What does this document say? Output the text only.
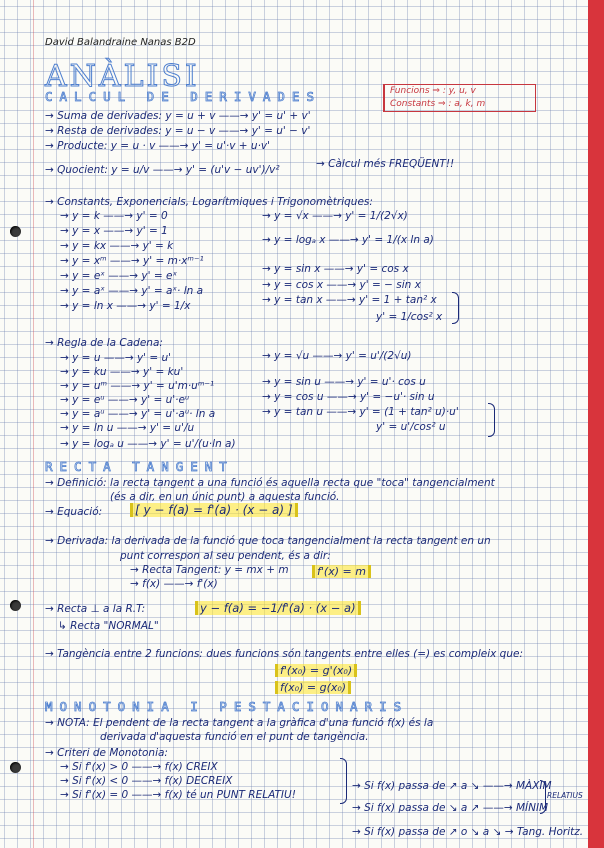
David Balandraine Nanas B2D
ANÀLISI
CALCUL DE DERIVADES	Funcions ⇒ : y, u, v
Constants ⇒ : a, k, m
→ Suma de derivades: y = u + v ——→ y' = u' + v'
→ Resta de derivades: y = u − v ——→ y' = u' − v'
→ Producte: y = u · v ——→ y' = u'·v + u·v'
→ Quocient: y = u/v ——→ y' = (u'v − uv')/v²	→ Càlcul més FREQÜENT!!
→ Constants, Exponencials, Logarítmiques i Trigonomètriques:
→ y = k ——→ y' = 0
→ y = x ——→ y' = 1
→ y = kx ——→ y' = k
→ y = xᵐ ——→ y' = m·xᵐ⁻¹
→ y = eˣ ——→ y' = eˣ
→ y = aˣ ——→ y' = aˣ· ln a
→ y = ln x ——→ y' = 1/x
→ y = √x ——→ y' = 1/(2√x)
→ y = logₐ x ——→ y' = 1/(x ln a)
→ y = sin x ——→ y' = cos x
→ y = cos x ——→ y' = − sin x
→ y = tan x ——→ y' = 1 + tan² x
y' = 1/cos² x
→ Regla de la Cadena:
→ y = u ——→ y' = u'
→ y = ku ——→ y' = ku'
→ y = uᵐ ——→ y' = u'm·uᵐ⁻¹
→ y = eᵘ ——→ y' = u'·eᵘ
→ y = aᵘ ——→ y' = u'·aᵘ· ln a
→ y = ln u ——→ y' = u'/u
→ y = logₐ u ——→ y' = u'/(u·ln a)
→ y = √u ——→ y' = u'/(2√u)
→ y = sin u ——→ y' = u'· cos u
→ y = cos u ——→ y' = −u'· sin u
→ y = tan u ——→ y' = (1 + tan² u)·u'
y' = u'/cos² u
RECTA TANGENT
→ Definició: la recta tangent a una funció és aquella recta que "toca" tangencialment
(és a dir, en un únic punt) a aquesta funció.
→ Equació:	[ y − f(a) = f'(a) · (x − a) ]
→ Derivada: la derivada de la funció que toca tangencialment la recta tangent en un
punt correspon al seu pendent, és a dir:
→ Recta Tangent: y = mx + m
→ f(x) ——→ f'(x)
f'(x) = m
→ Recta ⊥ a la R.T:
↳ Recta "NORMAL"
y − f(a) = −1/f'(a) · (x − a)
→ Tangència entre 2 funcions: dues funcions són tangents entre elles (=) es compleix que:
f'(x₀) = g'(x₀)
f(x₀) = g(x₀)
MONOTONIA I PESTACIONARIS
→ NOTA: El pendent de la recta tangent a la gràfica d'una funció f(x) és la
derivada d'aquesta funció en el punt de tangència.
→ Criteri de Monotonia:
→ Si f'(x) > 0 ——→ f(x) CREIX
→ Si f'(x) < 0 ——→ f(x) DECREIX
→ Si f'(x) = 0 ——→ f(x) té un PUNT RELATIU!
→ Si f(x) passa de ↗ a ↘ ——→ MÀXIM
→ Si f(x) passa de ↘ a ↗ ——→ MÍNIM
→ Si f(x) passa de ↗ o ↘ a ↘ → Tang. Horitz.
RELATIUS
